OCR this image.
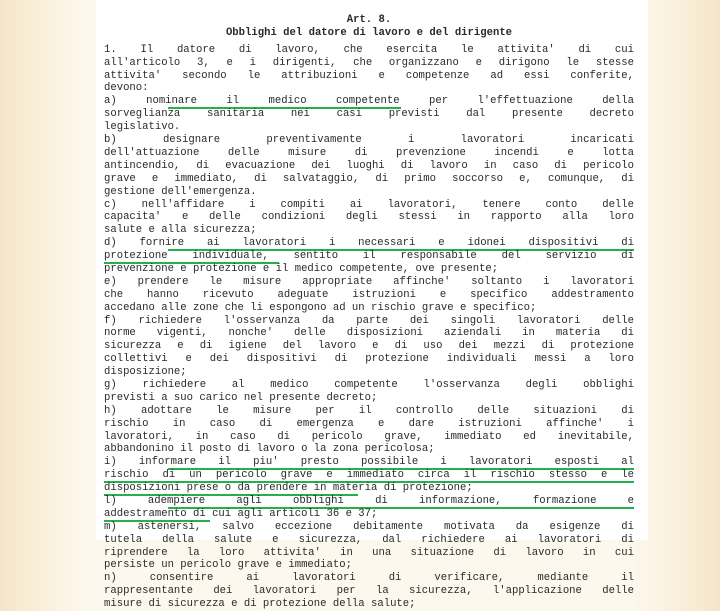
Art. 8.
Obblighi del datore di lavoro e del dirigente
1. Il datore di lavoro, che esercita le attivita' di cui
all'articolo 3, e i dirigenti, che organizzano e dirigono le stesse
attivita' secondo le attribuzioni e competenze ad essi conferite,
devono:
a) nominare il medico competente per l'effettuazione della
sorveglianza sanitaria nei casi previsti dal presente decreto
legislativo.
b) designare preventivamente i lavoratori incaricati
dell'attuazione delle misure di prevenzione incendi e lotta
antincendio, di evacuazione dei luoghi di lavoro in caso di pericolo
grave e immediato, di salvataggio, di primo soccorso e, comunque, di
gestione dell'emergenza.
c) nell'affidare i compiti ai lavoratori, tenere conto delle
capacita' e delle condizioni degli stessi in rapporto alla loro
salute e alla sicurezza;
d) fornire ai lavoratori i necessari e idonei dispositivi di
protezione individuale, sentito il responsabile del servizio di
prevenzione e protezione e il medico competente, ove presente;
e) prendere le misure appropriate affinche' soltanto i lavoratori
che hanno ricevuto adeguate istruzioni e specifico addestramento
accedano alle zone che li espongono ad un rischio grave e specifico;
f) richiedere l'osservanza da parte dei singoli lavoratori delle
norme vigenti, nonche' delle disposizioni aziendali in materia di
sicurezza e di igiene del lavoro e di uso dei mezzi di protezione
collettivi e dei dispositivi di protezione individuali messi a loro
disposizione;
g) richiedere al medico competente l'osservanza degli obblighi
previsti a suo carico nel presente decreto;
h) adottare le misure per il controllo delle situazioni di
rischio in caso di emergenza e dare istruzioni affinche' i
lavoratori, in caso di pericolo grave, immediato ed inevitabile,
abbandonino il posto di lavoro o la zona pericolosa;
i) informare il piu' presto possibile i lavoratori esposti al
rischio di un pericolo grave e immediato circa il rischio stesso e le
disposizioni prese o da prendere in materia di protezione;
l) adempiere agli obblighi di informazione, formazione e
addestramento di cui agli articoli 36 e 37;
m) astenersi, salvo eccezione debitamente motivata da esigenze di
tutela della salute e sicurezza, dal richiedere ai lavoratori di
riprendere la loro attivita' in una situazione di lavoro in cui
persiste un pericolo grave e immediato;
n) consentire ai lavoratori di verificare, mediante il
rappresentante dei lavoratori per la sicurezza, l'applicazione delle
misure di sicurezza e di protezione della salute;
